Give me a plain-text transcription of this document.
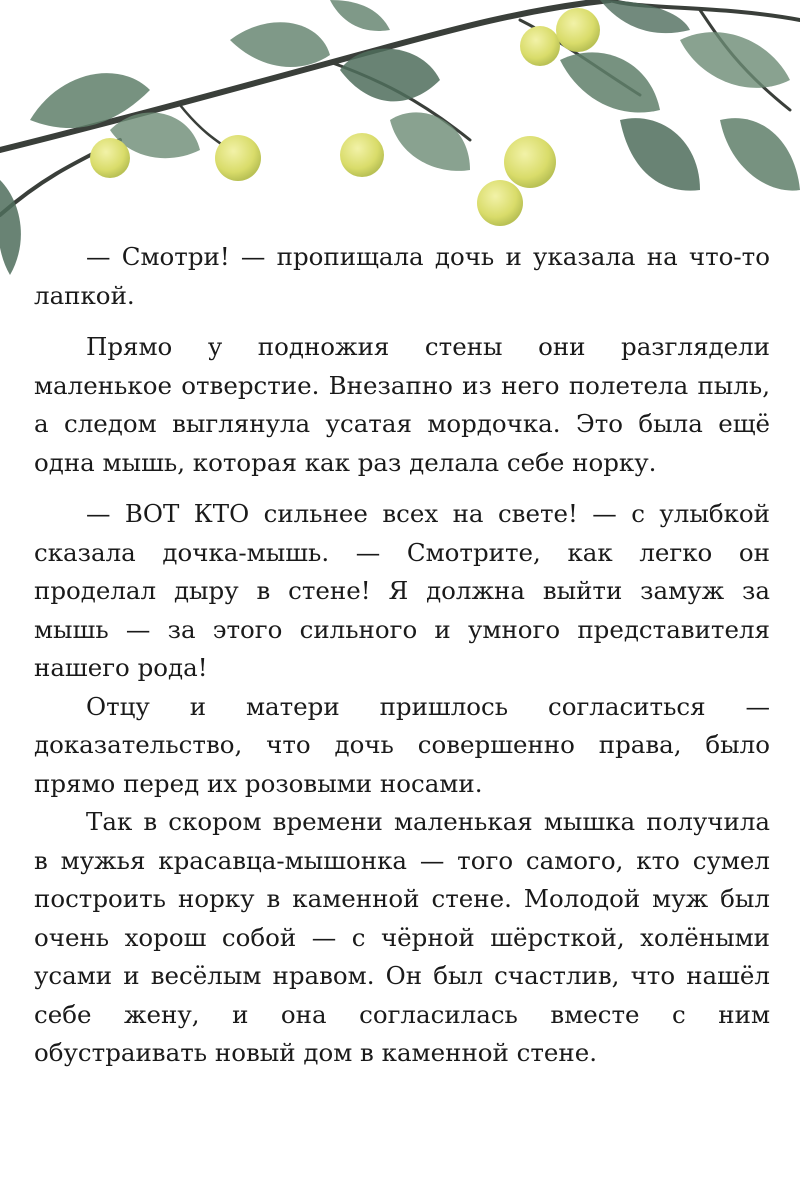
— Смотри! — пропищала дочь и указала на что-то лапкой.

Прямо у подножия стены они разглядели маленькое отверстие. Внезапно из него полетела пыль, а следом выглянула усатая мордочка. Это была ещё одна мышь, которая как раз делала себе норку.

— ВОТ КТО сильнее всех на свете! — с улыбкой сказала дочка-мышь. — Смотрите, как легко он проделал дыру в стене! Я должна выйти замуж за мышь — за этого сильного и умного представителя нашего рода!

Отцу и матери пришлось согласиться — доказательство, что дочь совершенно права, было прямо перед их розовыми носами.

Так в скором времени маленькая мышка получила в мужья красавца-мышонка — того самого, кто сумел построить норку в каменной стене. Молодой муж был очень хорош собой — с чёрной шёрсткой, холёными усами и весёлым нравом. Он был счастлив, что нашёл себе жену, и она согласилась вместе с ним обустраивать новый дом в каменной стене.
